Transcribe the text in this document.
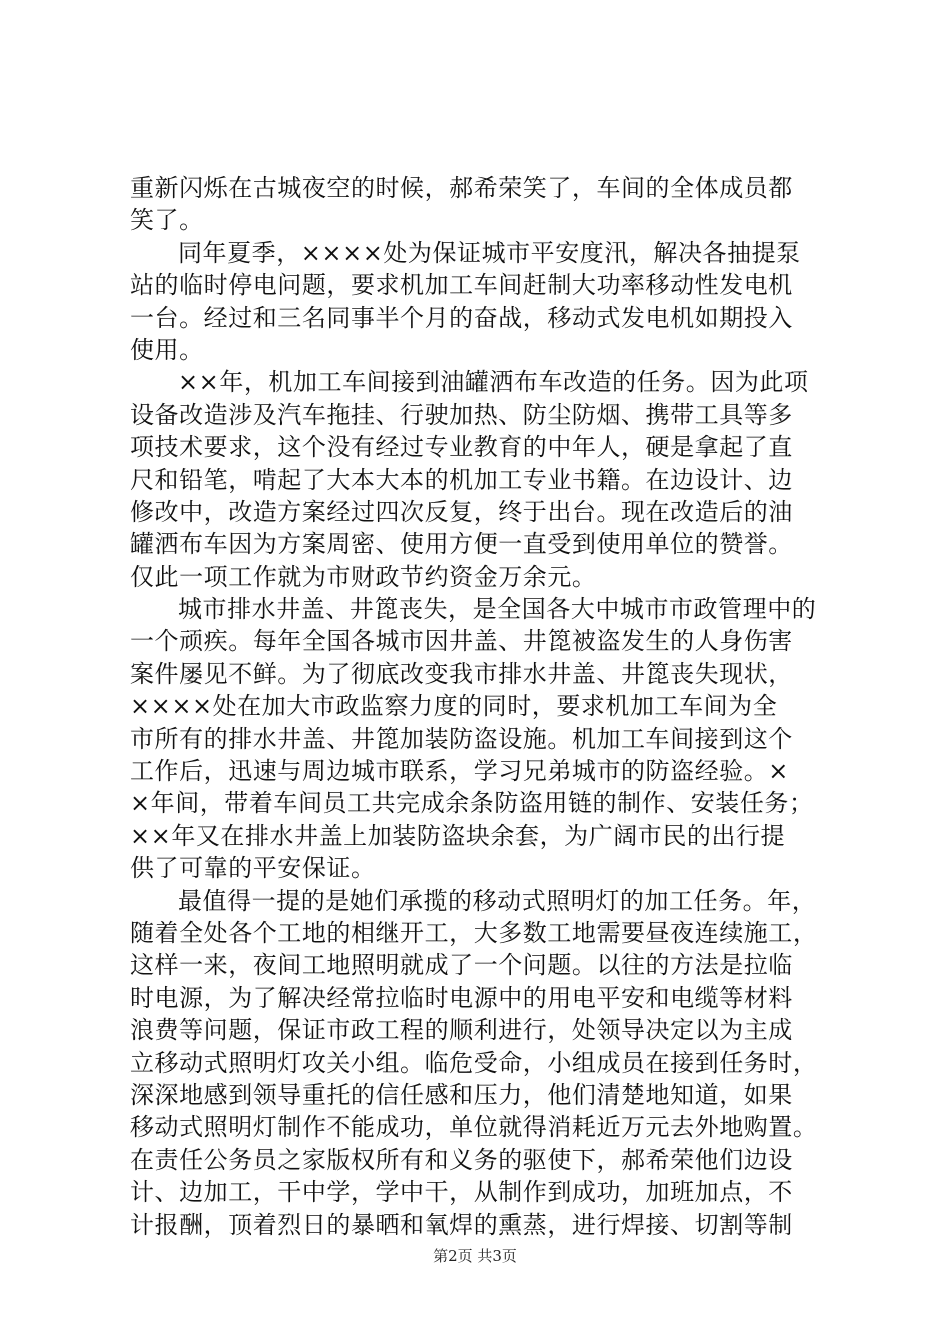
重新闪烁在古城夜空的时候，郝希荣笑了，车间的全体成员都
笑了。
同年夏季，××××处为保证城市平安度汛，解决各抽提泵
站的临时停电问题，要求机加工车间赶制大功率移动性发电机
一台。经过和三名同事半个月的奋战，移动式发电机如期投入
使用。
××年，机加工车间接到油罐洒布车改造的任务。因为此项
设备改造涉及汽车拖挂、行驶加热、防尘防烟、携带工具等多
项技术要求，这个没有经过专业教育的中年人，硬是拿起了直
尺和铅笔，啃起了大本大本的机加工专业书籍。在边设计、边
修改中，改造方案经过四次反复，终于出台。现在改造后的油
罐洒布车因为方案周密、使用方便一直受到使用单位的赞誉。
仅此一项工作就为市财政节约资金万余元。
城市排水井盖、井箆丧失，是全国各大中城市市政管理中的
一个顽疾。每年全国各城市因井盖、井箆被盗发生的人身伤害
案件屡见不鲜。为了彻底改变我市排水井盖、井箆丧失现状，
××××处在加大市政监察力度的同时，要求机加工车间为全
市所有的排水井盖、井箆加装防盗设施。机加工车间接到这个
工作后，迅速与周边城市联系，学习兄弟城市的防盗经验。×
×年间，带着车间员工共完成余条防盗用链的制作、安装任务；
××年又在排水井盖上加装防盗块余套，为广阔市民的出行提
供了可靠的平安保证。
最值得一提的是她们承揽的移动式照明灯的加工任务。年，
随着全处各个工地的相继开工，大多数工地需要昼夜连续施工，
这样一来，夜间工地照明就成了一个问题。以往的方法是拉临
时电源，为了解决经常拉临时电源中的用电平安和电缆等材料
浪费等问题，保证市政工程的顺利进行，处领导决定以为主成
立移动式照明灯攻关小组。临危受命，小组成员在接到任务时，
深深地感到领导重托的信任感和压力，他们清楚地知道，如果
移动式照明灯制作不能成功，单位就得消耗近万元去外地购置。
在责任公务员之家版权所有和义务的驱使下，郝希荣他们边设
计、边加工，干中学，学中干，从制作到成功，加班加点，不
计报酬，顶着烈日的暴晒和氧焊的熏蒸，进行焊接、切割等制
第2页 共3页
